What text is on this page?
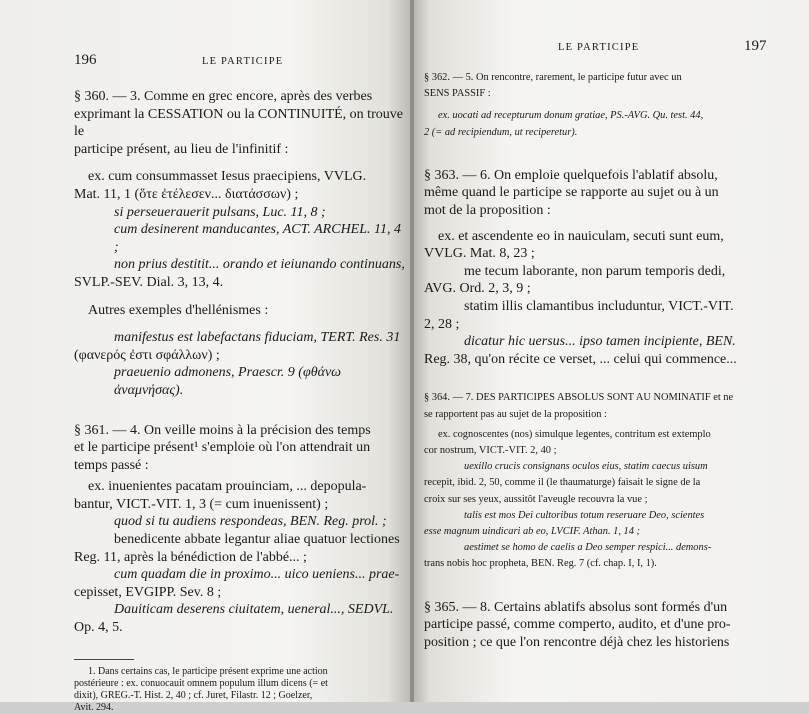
196	LE PARTICIPE
§ 360. — 3. Comme en grec encore, après des verbes
exprimant la CESSATION ou la CONTINUITÉ, on trouve le
participe présent, au lieu de l'infinitif :
ex. cum consummasset Iesus praecipiens, VVLG.
Mat. 11, 1 (ὅτε ἐτέλεσεν... διατάσσων) ;
si perseuerauerit pulsans, Luc. 11, 8 ;
cum desinerent manducantes, ACT. ARCHEL. 11, 4 ;
non prius destitit... orando et ieiunando continuans,
SVLP.-SEV. Dial. 3, 13, 4.
Autres exemples d'hellénismes :
manifestus est labefactans fiduciam, TERT. Res. 31
(φανερός ἐστι σφάλλων) ;
praeuenio admonens, Praescr. 9 (φθάνω ἀναμνήσας).
§ 361. — 4. On veille moins à la précision des temps
et le participe présent¹ s'emploie où l'on attendrait un
temps passé :
ex. inuenientes pacatam prouinciam, ... depopula-
bantur, VICT.-VIT. 1, 3 (= cum inuenissent) ;
quod si tu audiens respondeas, BEN. Reg. prol. ;
benedicente abbate legantur aliae quatuor lectiones
Reg. 11, après la bénédiction de l'abbé... ;
cum quadam die in proximo... uico ueniens... prae-
cepisset, EVGIPP. Sev. 8 ;
Dauiticam deserens ciuitatem, ueneral..., SEDVL.
Op. 4, 5.
1. Dans certains cas, le participe présent exprime une action
postérieure : ex. conuocauit omnem populum illum dicens (= et
dixit), GREG.-T. Hist. 2, 40 ; cf. Juret, Filastr. 12 ; Goelzer,
Avit. 294.
LE PARTICIPE	197
§ 362. — 5. On rencontre, rarement, le participe futur avec un
SENS PASSIF :
ex. uocati ad recepturum donum gratiae, PS.-AVG. Qu. test. 44,
2 (= ad recipiendum, ut reciperetur).
§ 363. — 6. On emploie quelquefois l'ablatif absolu,
même quand le participe se rapporte au sujet ou à un
mot de la proposition :
ex. et ascendente eo in nauiculam, secuti sunt eum,
VVLG. Mat. 8, 23 ;
me tecum laborante, non parum temporis dedi,
AVG. Ord. 2, 3, 9 ;
statim illis clamantibus includuntur, VICT.-VIT.
2, 28 ;
dicatur hic uersus... ipso tamen incipiente, BEN.
Reg. 38, qu'on récite ce verset, ... celui qui commence...
§ 364. — 7. DES PARTICIPES ABSOLUS SONT AU NOMINATIF et ne
se rapportent pas au sujet de la proposition :
ex. cognoscentes (nos) simulque legentes, contritum est extemplo
cor nostrum, VICT.-VIT. 2, 40 ;
uexillo crucis consignans oculos eius, statim caecus uisum
recepit, ibid. 2, 50, comme il (le thaumaturge) faisait le signe de la
croix sur ses yeux, aussitôt l'aveugle recouvra la vue ;
talis est mos Dei cultoribus totum reseruare Deo, scientes
esse magnum uindicari ab eo, LVCIF. Athan. 1, 14 ;
aestimet se homo de caelis a Deo semper respici... demons-
trans nobis hoc propheta, BEN. Reg. 7 (cf. chap. I, I, 1).
§ 365. — 8. Certains ablatifs absolus sont formés d'un
participe passé, comme comperto, audito, et d'une pro-
position ; ce que l'on rencontre déjà chez les historiens
